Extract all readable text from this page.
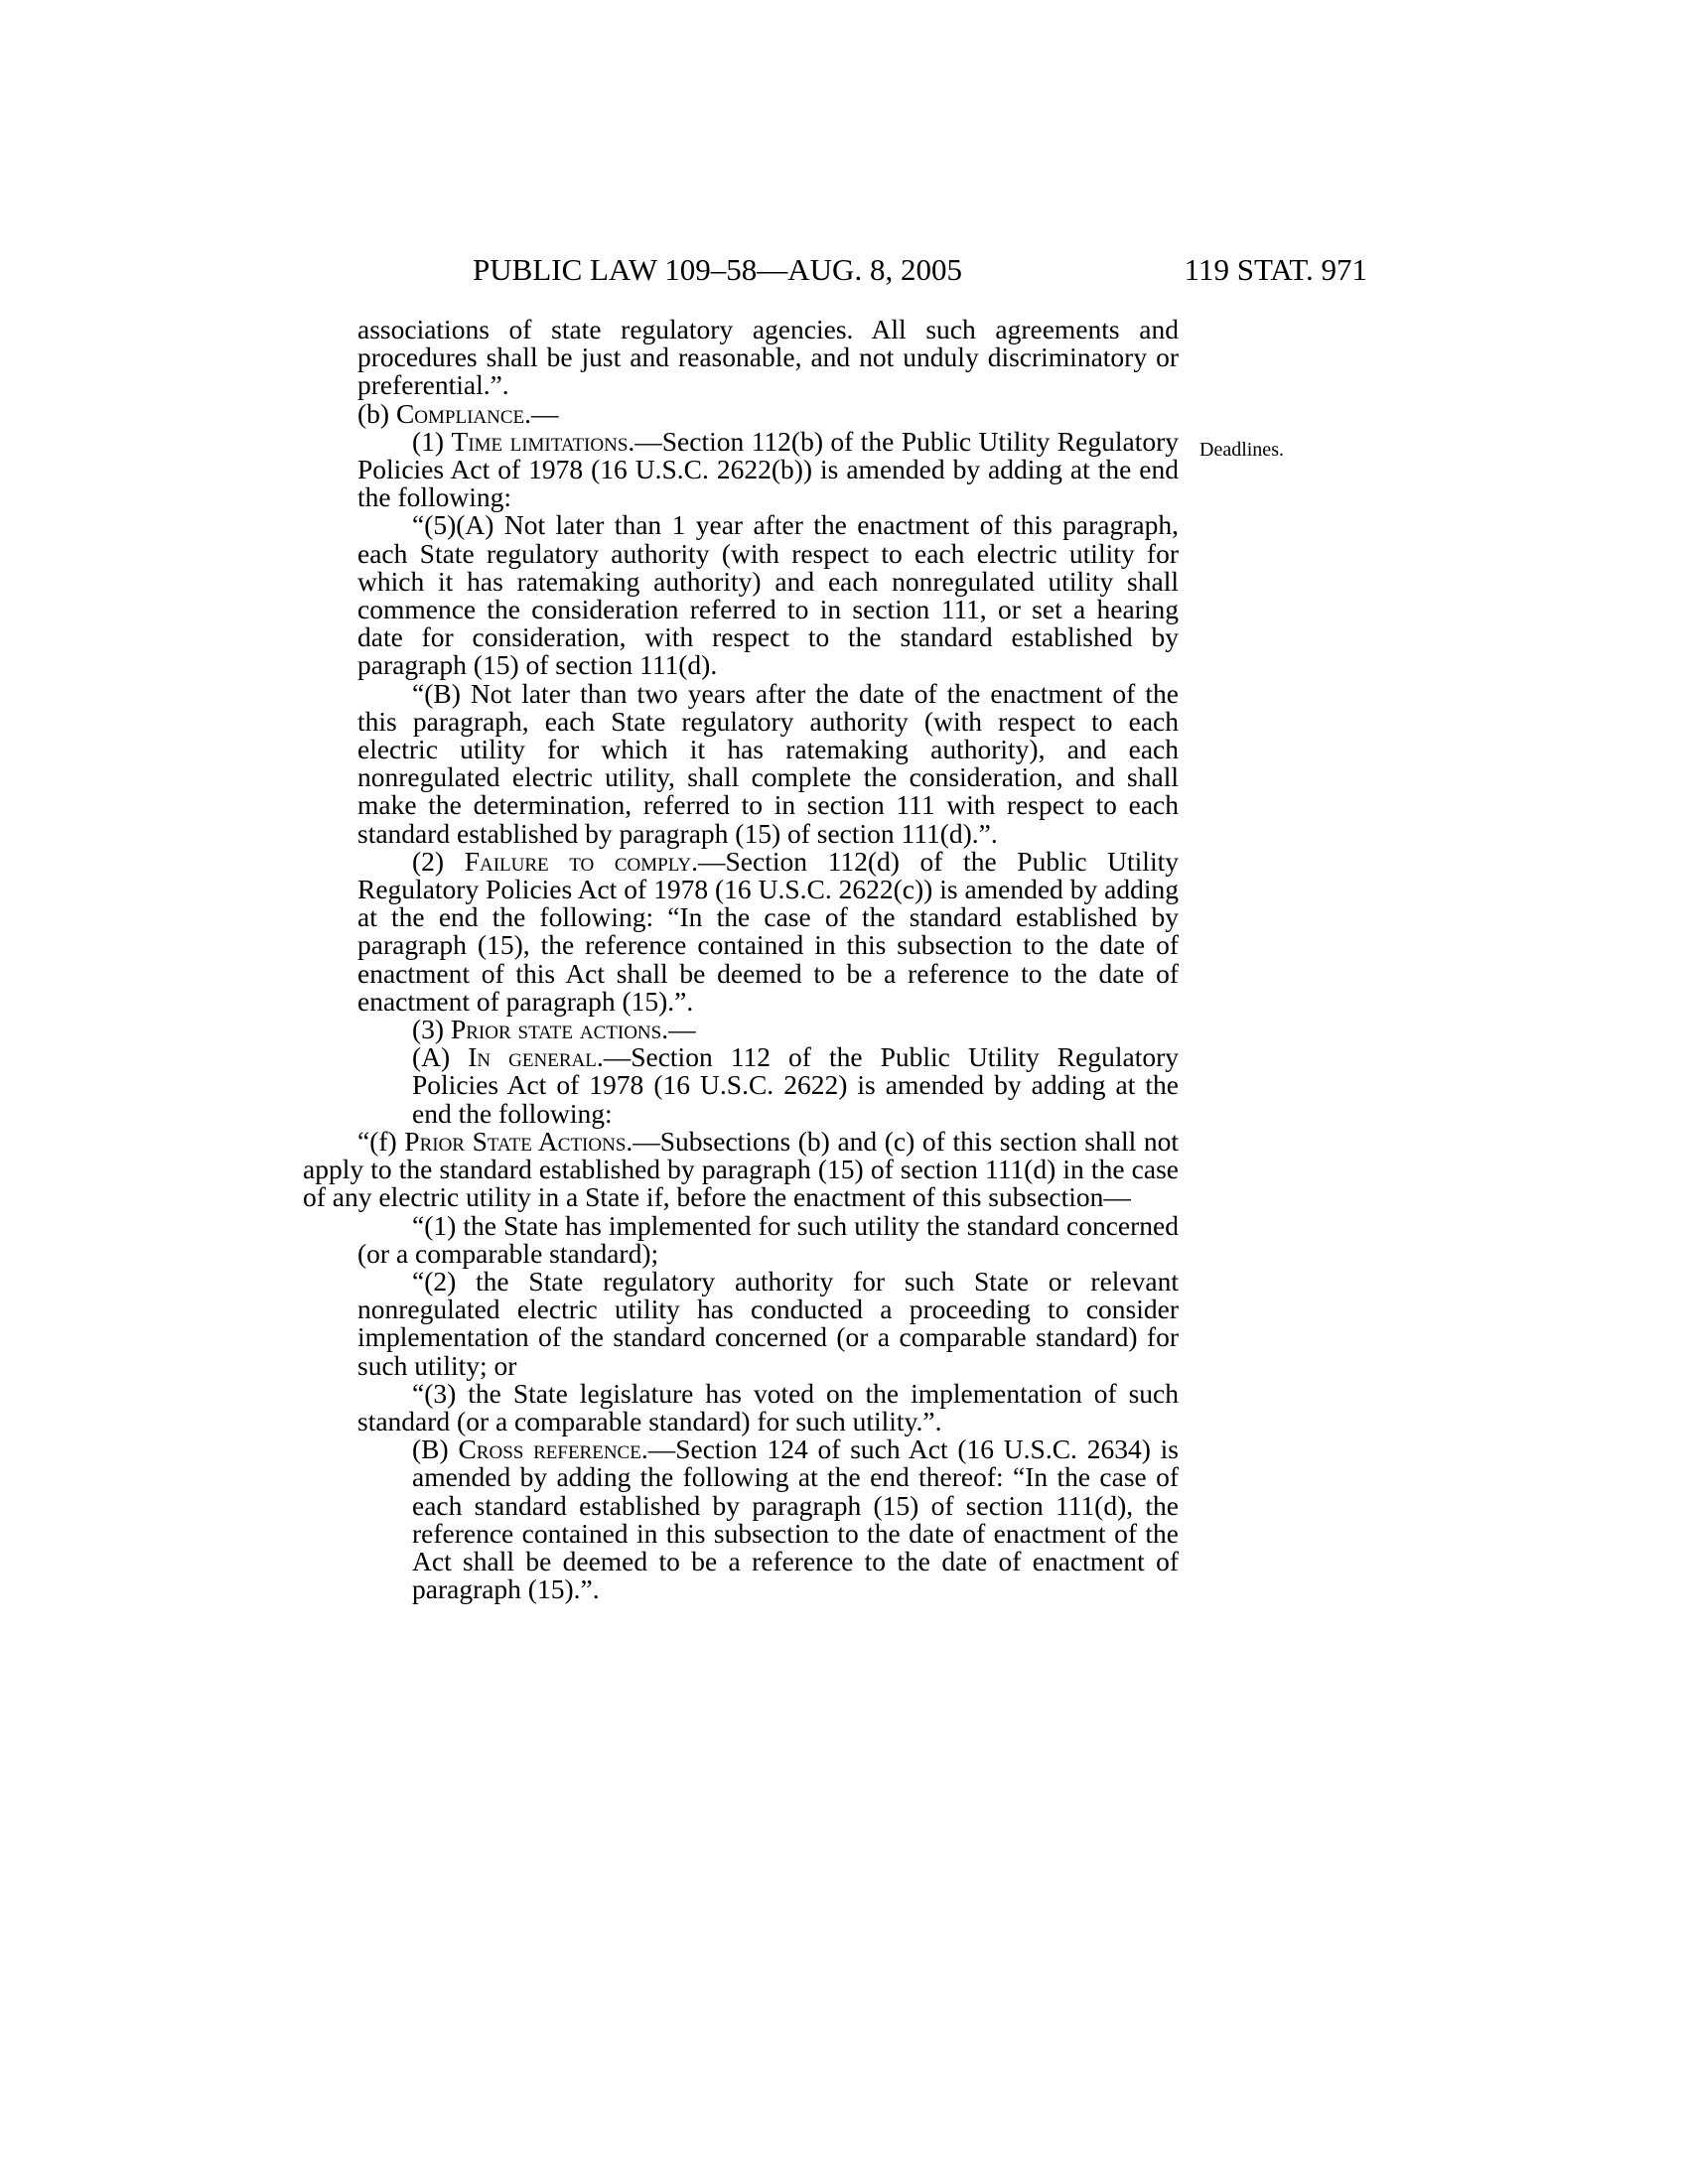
PUBLIC LAW 109–58—AUG. 8, 2005	119 STAT. 971
Deadlines.

associations of state regulatory agencies. All such agreements and procedures shall be just and reasonable, and not unduly discriminatory or preferential.”.

(b) Compliance.—

(1) Time limitations.—Section 112(b) of the Public Utility Regulatory Policies Act of 1978 (16 U.S.C. 2622(b)) is amended by adding at the end the following:

“(5)(A) Not later than 1 year after the enactment of this paragraph, each State regulatory authority (with respect to each electric utility for which it has ratemaking authority) and each nonregulated utility shall commence the consideration referred to in section 111, or set a hearing date for consideration, with respect to the standard established by paragraph (15) of section 111(d).

“(B) Not later than two years after the date of the enactment of the this paragraph, each State regulatory authority (with respect to each electric utility for which it has ratemaking authority), and each nonregulated electric utility, shall complete the consideration, and shall make the determination, referred to in section 111 with respect to each standard established by paragraph (15) of section 111(d).”.

(2) Failure to comply.—Section 112(d) of the Public Utility Regulatory Policies Act of 1978 (16 U.S.C. 2622(c)) is amended by adding at the end the following: “In the case of the standard established by paragraph (15), the reference contained in this subsection to the date of enactment of this Act shall be deemed to be a reference to the date of enactment of paragraph (15).”.

(3) Prior state actions.—

(A) In general.—Section 112 of the Public Utility Regulatory Policies Act of 1978 (16 U.S.C. 2622) is amended by adding at the end the following:

“(f) Prior State Actions.—Subsections (b) and (c) of this section shall not apply to the standard established by paragraph (15) of section 111(d) in the case of any electric utility in a State if, before the enactment of this subsection—

“(1) the State has implemented for such utility the standard concerned (or a comparable standard);

“(2) the State regulatory authority for such State or relevant nonregulated electric utility has conducted a proceeding to consider implementation of the standard concerned (or a comparable standard) for such utility; or

“(3) the State legislature has voted on the implementation of such standard (or a comparable standard) for such utility.”.

(B) Cross reference.—Section 124 of such Act (16 U.S.C. 2634) is amended by adding the following at the end thereof: “In the case of each standard established by paragraph (15) of section 111(d), the reference contained in this subsection to the date of enactment of the Act shall be deemed to be a reference to the date of enactment of paragraph (15).”.
